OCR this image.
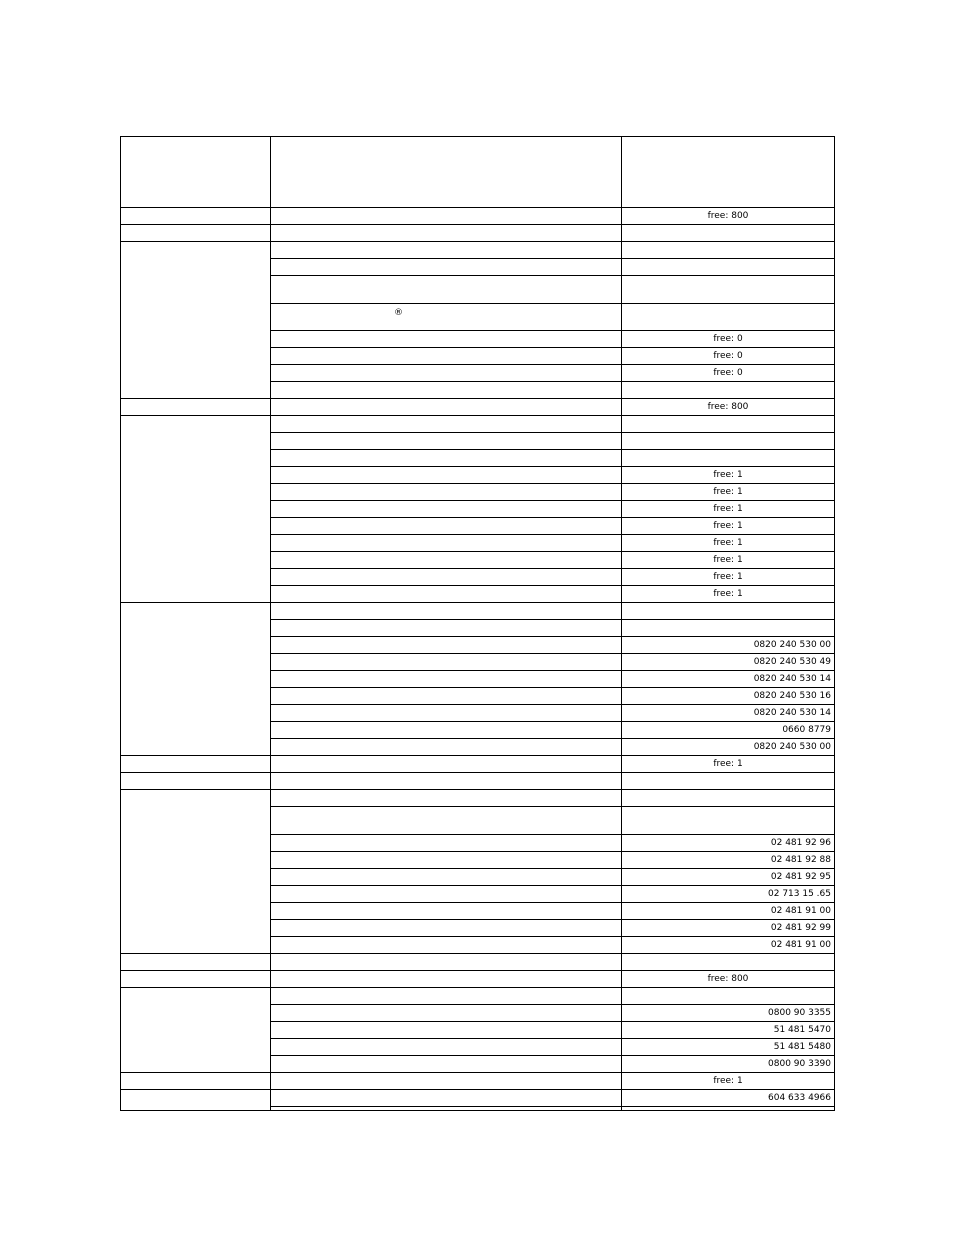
free: 800
free: 0
free: 0
free: 0
free: 800
free: 1
free: 1
free: 1
free: 1
free: 1
free: 1
free: 1
free: 1
0820 240 530 00
0820 240 530 49
0820 240 530 14
0820 240 530 16
0820 240 530 14
0660 8779
0820 240 530 00
free: 1
02 481 92 96
02 481 92 88
02 481 92 95
02 713 15 .65
02 481 91 00
02 481 92 99
02 481 91 00
free: 800
0800 90 3355
51 481 5470
51 481 5480
0800 90 3390
free: 1
604 633 4966
®
